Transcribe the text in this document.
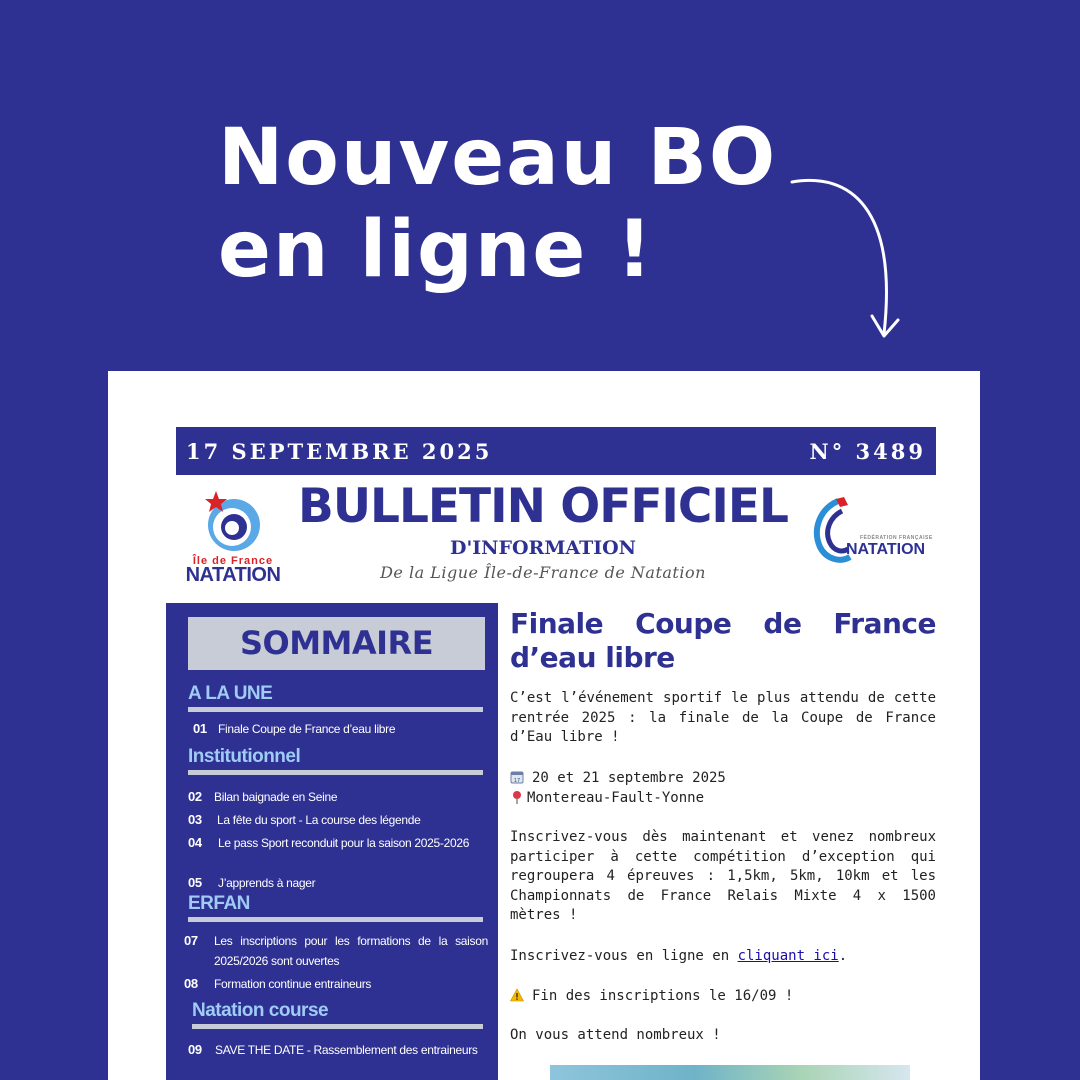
Nouveau BO
en ligne !
17 SEPTEMBRE 2025	N° 3489
Île de France
NATATION
BULLETIN OFFICIEL
D'INFORMATION
De la Ligue Île-de-France de Natation
FÉDÉRATION FRANÇAISE
NATATION
SOMMAIRE
A LA UNE
01 Finale Coupe de France d’eau libre
Institutionnel
02 Bilan baignade en Seine
03 La fête du sport - La course des légende
04 Le pass Sport reconduit pour la saison 2025-2026
05 J’apprends à nager
ERFAN
07 Les inscriptions pour les formations de la saison 2025/2026 sont ouvertes
08 Formation continue entraineurs
Natation course
09 SAVE THE DATE - Rassemblement des entraineurs
Finale Coupe de France
d’eau libre
C’est l’événement sportif le plus attendu de cette rentrée 2025 : la finale de la Coupe de France d’Eau libre !
17 20 et 21 septembre 2025
Montereau-Fault-Yonne
Inscrivez-vous dès maintenant et venez nombreux participer à cette compétition d’exception qui regroupera 4 épreuves : 1,5km, 5km, 10km et les Championnats de France Relais Mixte 4 x 1500 mètres !
Inscrivez-vous en ligne en cliquant ici.
Fin des inscriptions le 16/09 !
On vous attend nombreux !
